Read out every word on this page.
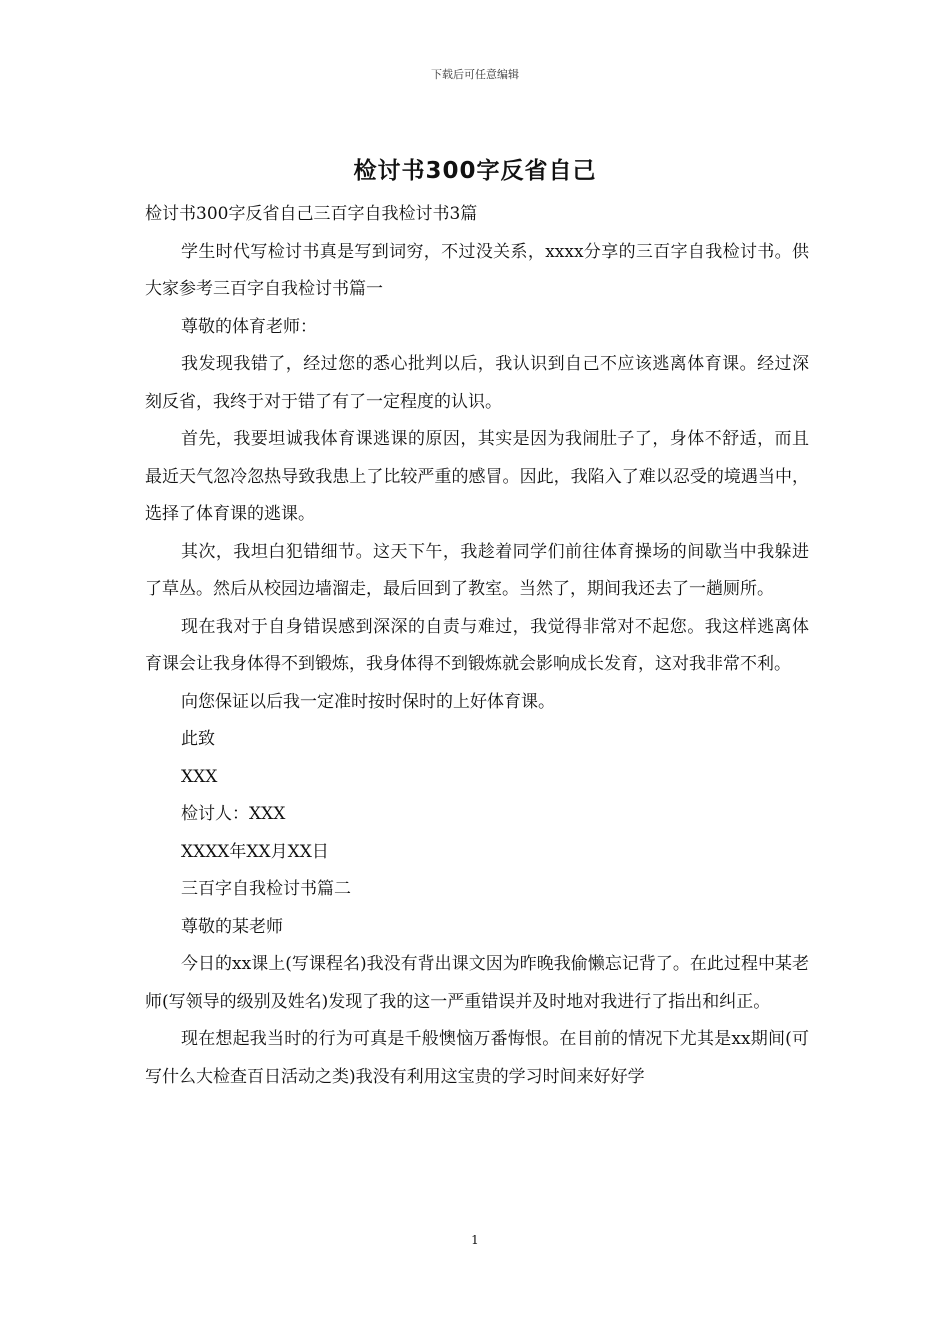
下载后可任意编辑
检讨书300字反省自己

检讨书300字反省自己三百字自我检讨书3篇

学生时代写检讨书真是写到词穷，不过没关系，xxxx分享的三百字自我检讨书。供大家参考三百字自我检讨书篇一

尊敬的体育老师：

我发现我错了，经过您的悉心批判以后，我认识到自己不应该逃离体育课。经过深刻反省，我终于对于错了有了一定程度的认识。

首先，我要坦诚我体育课逃课的原因，其实是因为我闹肚子了，身体不舒适，而且最近天气忽冷忽热导致我患上了比较严重的感冒。因此，我陷入了难以忍受的境遇当中，选择了体育课的逃课。

其次，我坦白犯错细节。这天下午，我趁着同学们前往体育操场的间歇当中我躲进了草丛。然后从校园边墙溜走，最后回到了教室。当然了，期间我还去了一趟厕所。

现在我对于自身错误感到深深的自责与难过，我觉得非常对不起您。我这样逃离体育课会让我身体得不到锻炼，我身体得不到锻炼就会影响成长发育，这对我非常不利。

向您保证以后我一定准时按时保时的上好体育课。

此致

XXX

检讨人：XXX

XXXX年XX月XX日

三百字自我检讨书篇二

尊敬的某老师

今日的xx课上(写课程名)我没有背出课文因为昨晚我偷懒忘记背了。在此过程中某老师(写领导的级别及姓名)发现了我的这一严重错误并及时地对我进行了指出和纠正。

现在想起我当时的行为可真是千般懊恼万番悔恨。在目前的情况下尤其是xx期间(可写什么大检查百日活动之类)我没有利用这宝贵的学习时间来好好学

1
